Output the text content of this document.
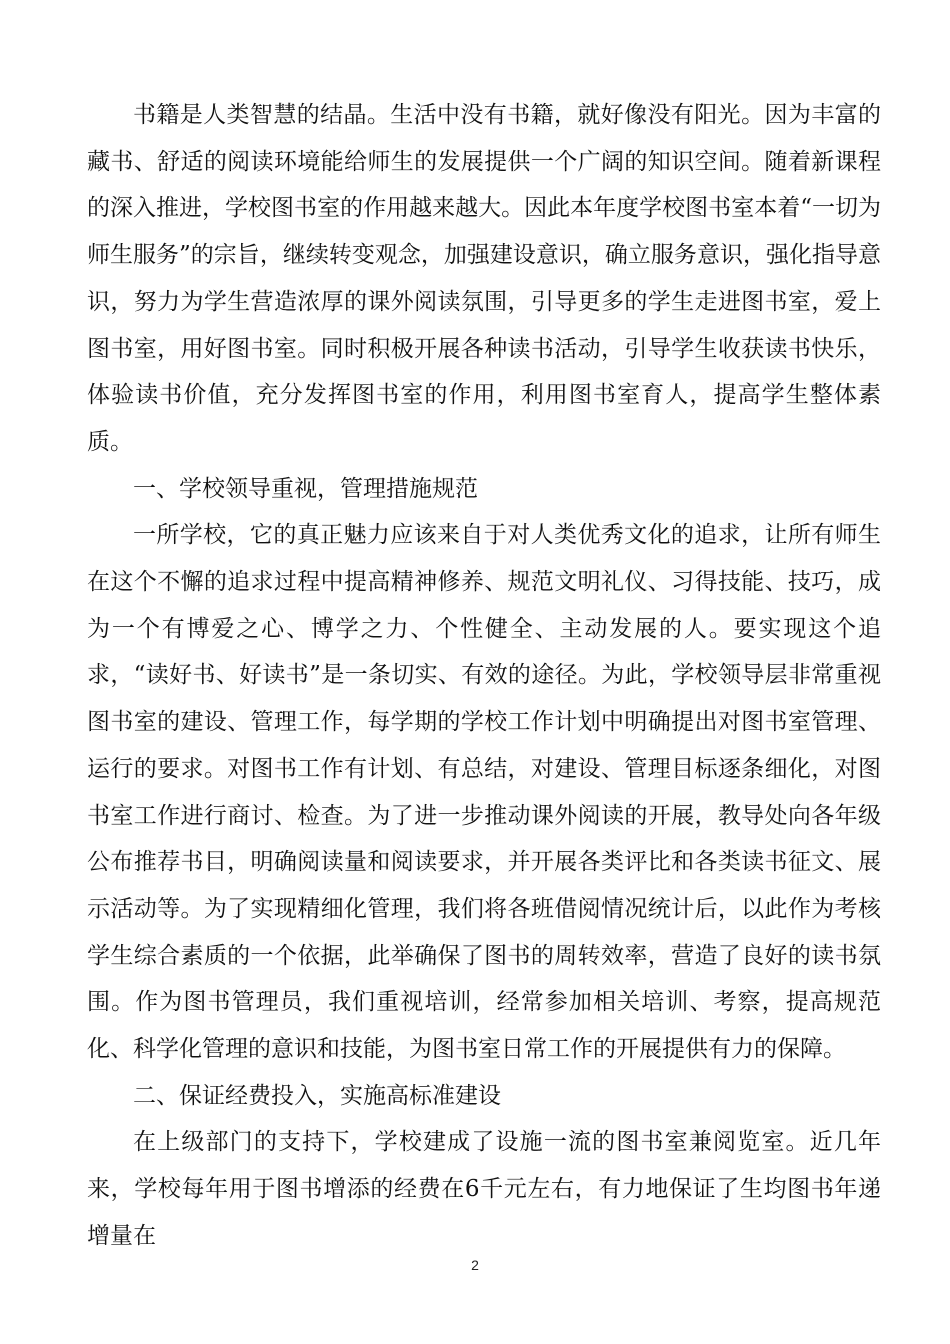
书籍是人类智慧的结晶。生活中没有书籍，就好像没有阳光。因为丰富的藏书、舒适的阅读环境能给师生的发展提供一个广阔的知识空间。随着新课程的深入推进，学校图书室的作用越来越大。因此本年度学校图书室本着“一切为师生服务”的宗旨，继续转变观念，加强建设意识，确立服务意识，强化指导意识，努力为学生营造浓厚的课外阅读氛围，引导更多的学生走进图书室，爱上图书室，用好图书室。同时积极开展各种读书活动，引导学生收获读书快乐，体验读书价值，充分发挥图书室的作用，利用图书室育人，提高学生整体素质。

一、学校领导重视，管理措施规范

一所学校，它的真正魅力应该来自于对人类优秀文化的追求，让所有师生在这个不懈的追求过程中提高精神修养、规范文明礼仪、习得技能、技巧，成为一个有博爱之心、博学之力、个性健全、主动发展的人。要实现这个追求，“读好书、好读书”是一条切实、有效的途径。为此，学校领导层非常重视图书室的建设、管理工作，每学期的学校工作计划中明确提出对图书室管理、运行的要求。对图书工作有计划、有总结，对建设、管理目标逐条细化，对图书室工作进行商讨、检查。为了进一步推动课外阅读的开展，教导处向各年级公布推荐书目，明确阅读量和阅读要求，并开展各类评比和各类读书征文、展示活动等。为了实现精细化管理，我们将各班借阅情况统计后，以此作为考核学生综合素质的一个依据，此举确保了图书的周转效率，营造了良好的读书氛围。作为图书管理员，我们重视培训，经常参加相关培训、考察，提高规范化、科学化管理的意识和技能，为图书室日常工作的开展提供有力的保障。

二、保证经费投入，实施高标准建设

在上级部门的支持下，学校建成了设施一流的图书室兼阅览室。近几年来，学校每年用于图书增添的经费在6千元左右，有力地保证了生均图书年递增量在

2
